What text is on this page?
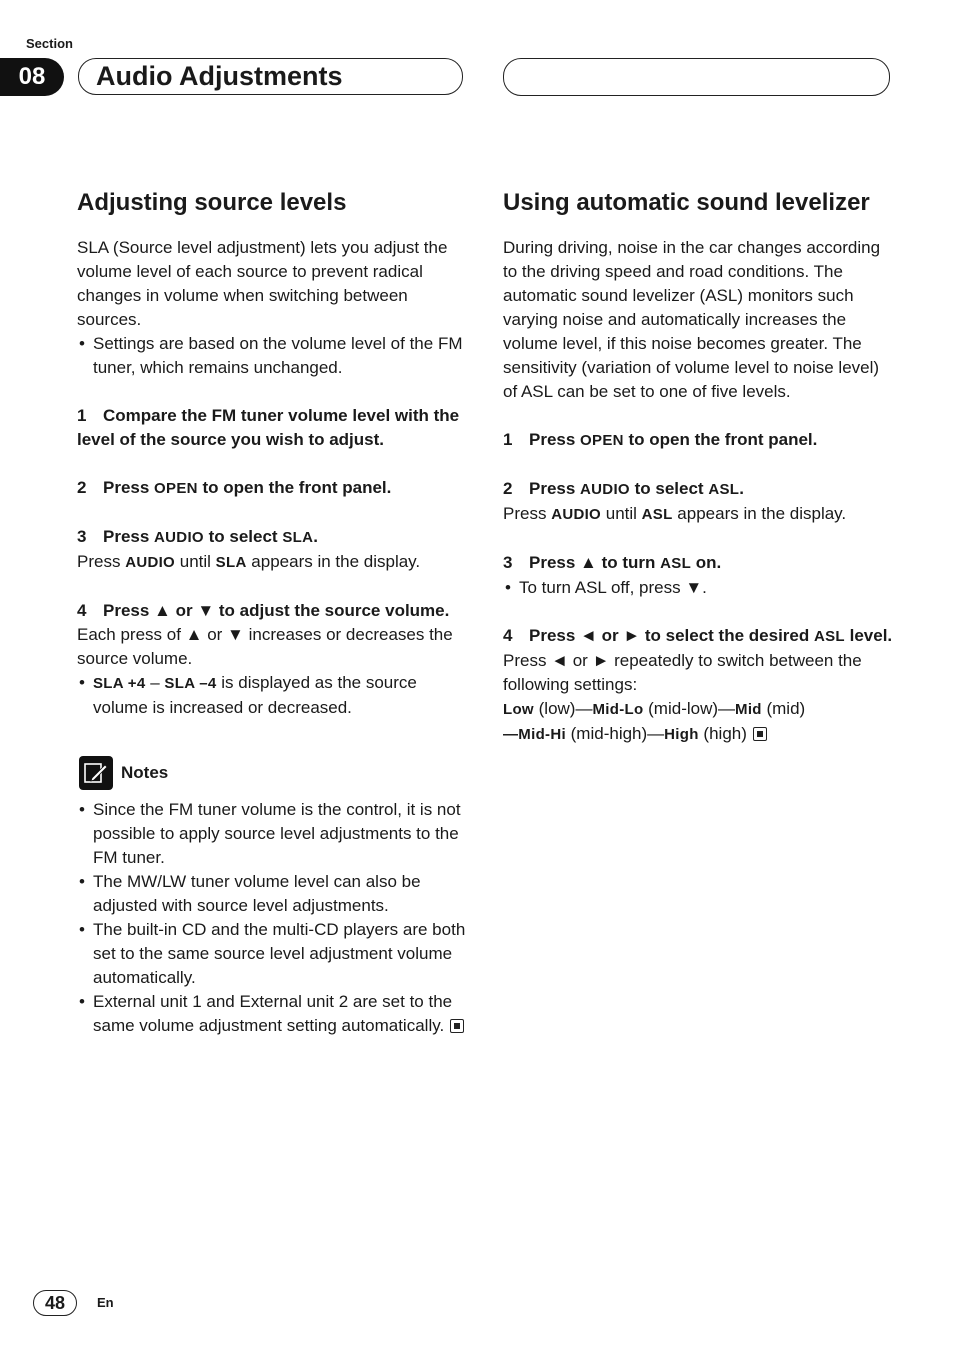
Section
08	Audio Adjustments
Adjusting source levels

SLA (Source level adjustment) lets you adjust the volume level of each source to prevent radical changes in volume when switching between sources.

• Settings are based on the volume level of the FM tuner, which remains unchanged.

1 Compare the FM tuner volume level with the level of the source you wish to adjust.

2 Press OPEN to open the front panel.

3 Press AUDIO to select SLA.

Press AUDIO until SLA appears in the display.

4 Press ▲ or ▼ to adjust the source volume.

Each press of ▲ or ▼ increases or decreases the source volume.

• SLA +4 – SLA –4 is displayed as the source volume is increased or decreased.

Notes

• Since the FM tuner volume is the control, it is not possible to apply source level adjustments to the FM tuner.

• The MW/LW tuner volume level can also be adjusted with source level adjustments.

• The built-in CD and the multi-CD players are both set to the same source level adjustment volume automatically.

• External unit 1 and External unit 2 are set to the same volume adjustment setting automatically.

Using automatic sound levelizer

During driving, noise in the car changes according to the driving speed and road conditions. The automatic sound levelizer (ASL) monitors such varying noise and automatically increases the volume level, if this noise becomes greater. The sensitivity (variation of volume level to noise level) of ASL can be set to one of five levels.

1 Press OPEN to open the front panel.

2 Press AUDIO to select ASL.

Press AUDIO until ASL appears in the display.

3 Press ▲ to turn ASL on.

• To turn ASL off, press ▼.

4 Press ◄ or ► to select the desired ASL level.

Press ◄ or ► repeatedly to switch between the following settings:

Low (low)—Mid-Lo (mid-low)—Mid (mid)
—Mid-Hi (mid-high)—High (high)

48	En
